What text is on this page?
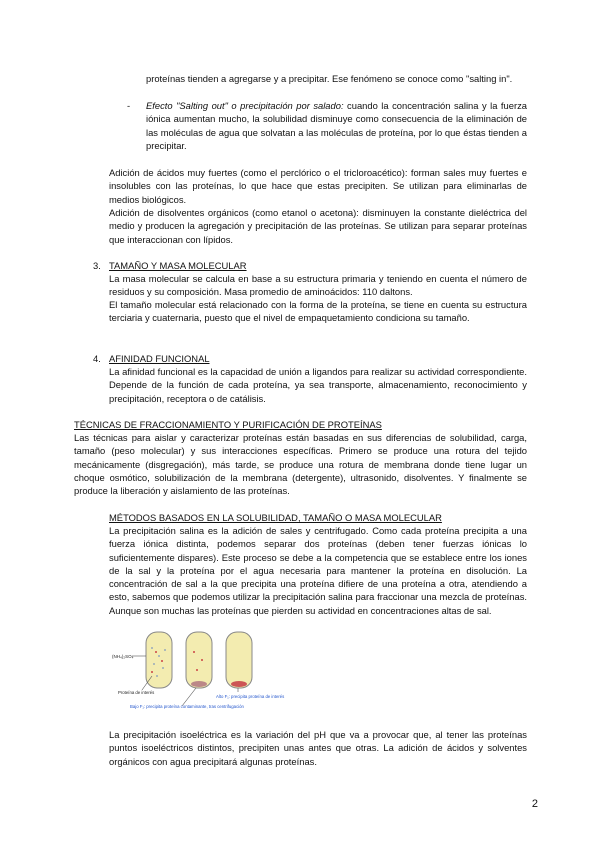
proteínas tienden a agregarse y a precipitar. Ese fenómeno se conoce como "salting in".
- Efecto "Salting out" o precipitación por salado: cuando la concentración salina y la fuerza iónica aumentan mucho, la solubilidad disminuye como consecuencia de la eliminación de las moléculas de agua que solvatan a las moléculas de proteína, por lo que éstas tienden a precipitar.
Adición de ácidos muy fuertes (como el perclórico o el tricloroacético): forman sales muy fuertes e insolubles con las proteínas, lo que hace que estas precipiten. Se utilizan para eliminarlas de medios biológicos.
Adición de disolventes orgánicos (como etanol o acetona): disminuyen la constante dieléctrica del medio y producen la agregación y precipitación de las proteínas. Se utilizan para separar proteínas que interaccionan con lípidos.
3. TAMAÑO Y MASA MOLECULAR
La masa molecular se calcula en base a su estructura primaria y teniendo en cuenta el número de residuos y su composición. Masa promedio de aminoácidos: 110 daltons.
El tamaño molecular está relacionado con la forma de la proteína, se tiene en cuenta su estructura terciaria y cuaternaria, puesto que el nivel de empaquetamiento condiciona su tamaño.
4. AFINIDAD FUNCIONAL
La afinidad funcional es la capacidad de unión a ligandos para realizar su actividad correspondiente. Depende de la función de cada proteína, ya sea transporte, almacenamiento, reconocimiento y precipitación, receptora o de catálisis.
TÉCNICAS DE FRACCIONAMIENTO Y PURIFICACIÓN DE PROTEÍNAS
Las técnicas para aislar y caracterizar proteínas están basadas en sus diferencias de solubilidad, carga, tamaño (peso molecular) y sus interacciones específicas. Primero se produce una rotura del tejido mecánicamente (disgregación), más tarde, se produce una rotura de membrana donde tiene lugar un choque osmótico, solubilización de la membrana (detergente), ultrasonido, disolventes. Y finalmente se produce la liberación y aislamiento de las proteínas.
MÉTODOS BASADOS EN LA SOLUBILIDAD, TAMAÑO O MASA MOLECULAR
La precipitación salina es la adición de sales y centrifugado. Como cada proteína precipita a una fuerza iónica distinta, podemos separar dos proteínas (deben tener fuerzas iónicas lo suficientemente dispares). Este proceso se debe a la competencia que se establece entre los iones de la sal y la proteína por el agua necesaria para mantener la proteína en disolución. La concentración de sal a la que precipita una proteína difiere de una proteína a otra, atendiendo a esto, sabemos que podemos utilizar la precipitación salina para fraccionar una mezcla de proteínas. Aunque son muchas las proteínas que pierden su actividad en concentraciones altas de sal.
(NH₄)₂SO₄
Proteína de interés
Bajo F₁: precipita proteína contaminante, tras centrifugación
Alto F₁: precipita proteína de interés
La precipitación isoeléctrica es la variación del pH que va a provocar que, al tener las proteínas puntos isoeléctricos distintos, precipiten unas antes que otras. La adición de ácidos y solventes orgánicos con agua precipitará algunas proteínas.
2
